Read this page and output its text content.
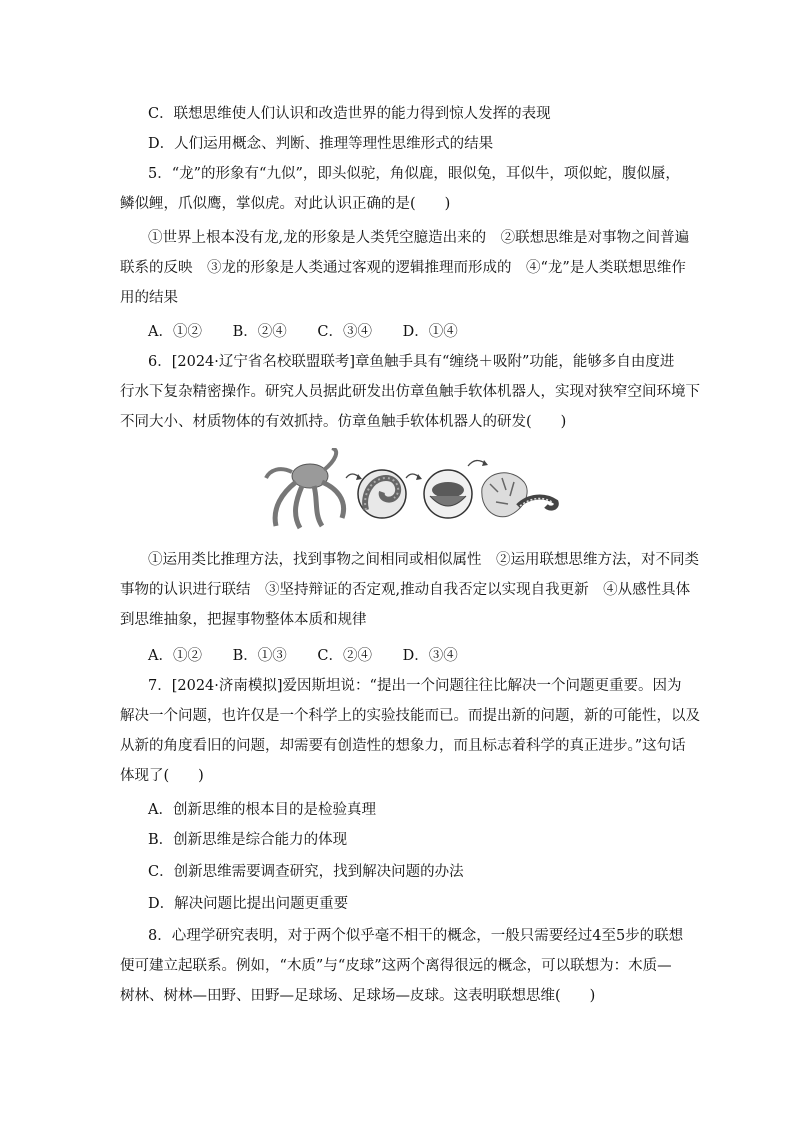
C．联想思维使人们认识和改造世界的能力得到惊人发挥的表现
D．人们运用概念、判断、推理等理性思维形式的结果
5．“龙”的形象有“九似”，即头似驼，角似鹿，眼似兔，耳似牛，项似蛇，腹似蜃，
鳞似鲤，爪似鹰，掌似虎。对此认识正确的是(　　)
①世界上根本没有龙,龙的形象是人类凭空臆造出来的　②联想思维是对事物之间普遍
联系的反映　③龙的形象是人类通过客观的逻辑推理而形成的　④“龙”是人类联想思维作
用的结果
A．①② B．②④ C．③④ D．①④
6．[2024·辽宁省名校联盟联考]章鱼触手具有“缠绕＋吸附”功能，能够多自由度进
行水下复杂精密操作。研究人员据此研发出仿章鱼触手软体机器人，实现对狭窄空间环境下
不同大小、材质物体的有效抓持。仿章鱼触手软体机器人的研发(　　)
①运用类比推理方法，找到事物之间相同或相似属性　②运用联想思维方法，对不同类
事物的认识进行联结　③坚持辩证的否定观,推动自我否定以实现自我更新　④从感性具体
到思维抽象，把握事物整体本质和规律
A．①② B．①③ C．②④ D．③④
7．[2024·济南模拟]爱因斯坦说：“提出一个问题往往比解决一个问题更重要。因为
解决一个问题，也许仅是一个科学上的实验技能而已。而提出新的问题，新的可能性，以及
从新的角度看旧的问题，却需要有创造性的想象力，而且标志着科学的真正进步。”这句话
体现了(　　)
A．创新思维的根本目的是检验真理
B．创新思维是综合能力的体现
C．创新思维需要调查研究，找到解决问题的办法
D．解决问题比提出问题更重要
8．心理学研究表明，对于两个似乎毫不相干的概念，一般只需要经过4至5步的联想
便可建立起联系。例如，“木质”与“皮球”这两个离得很远的概念，可以联想为：木质—
树林、树林—田野、田野—足球场、足球场—皮球。这表明联想思维(　　)
